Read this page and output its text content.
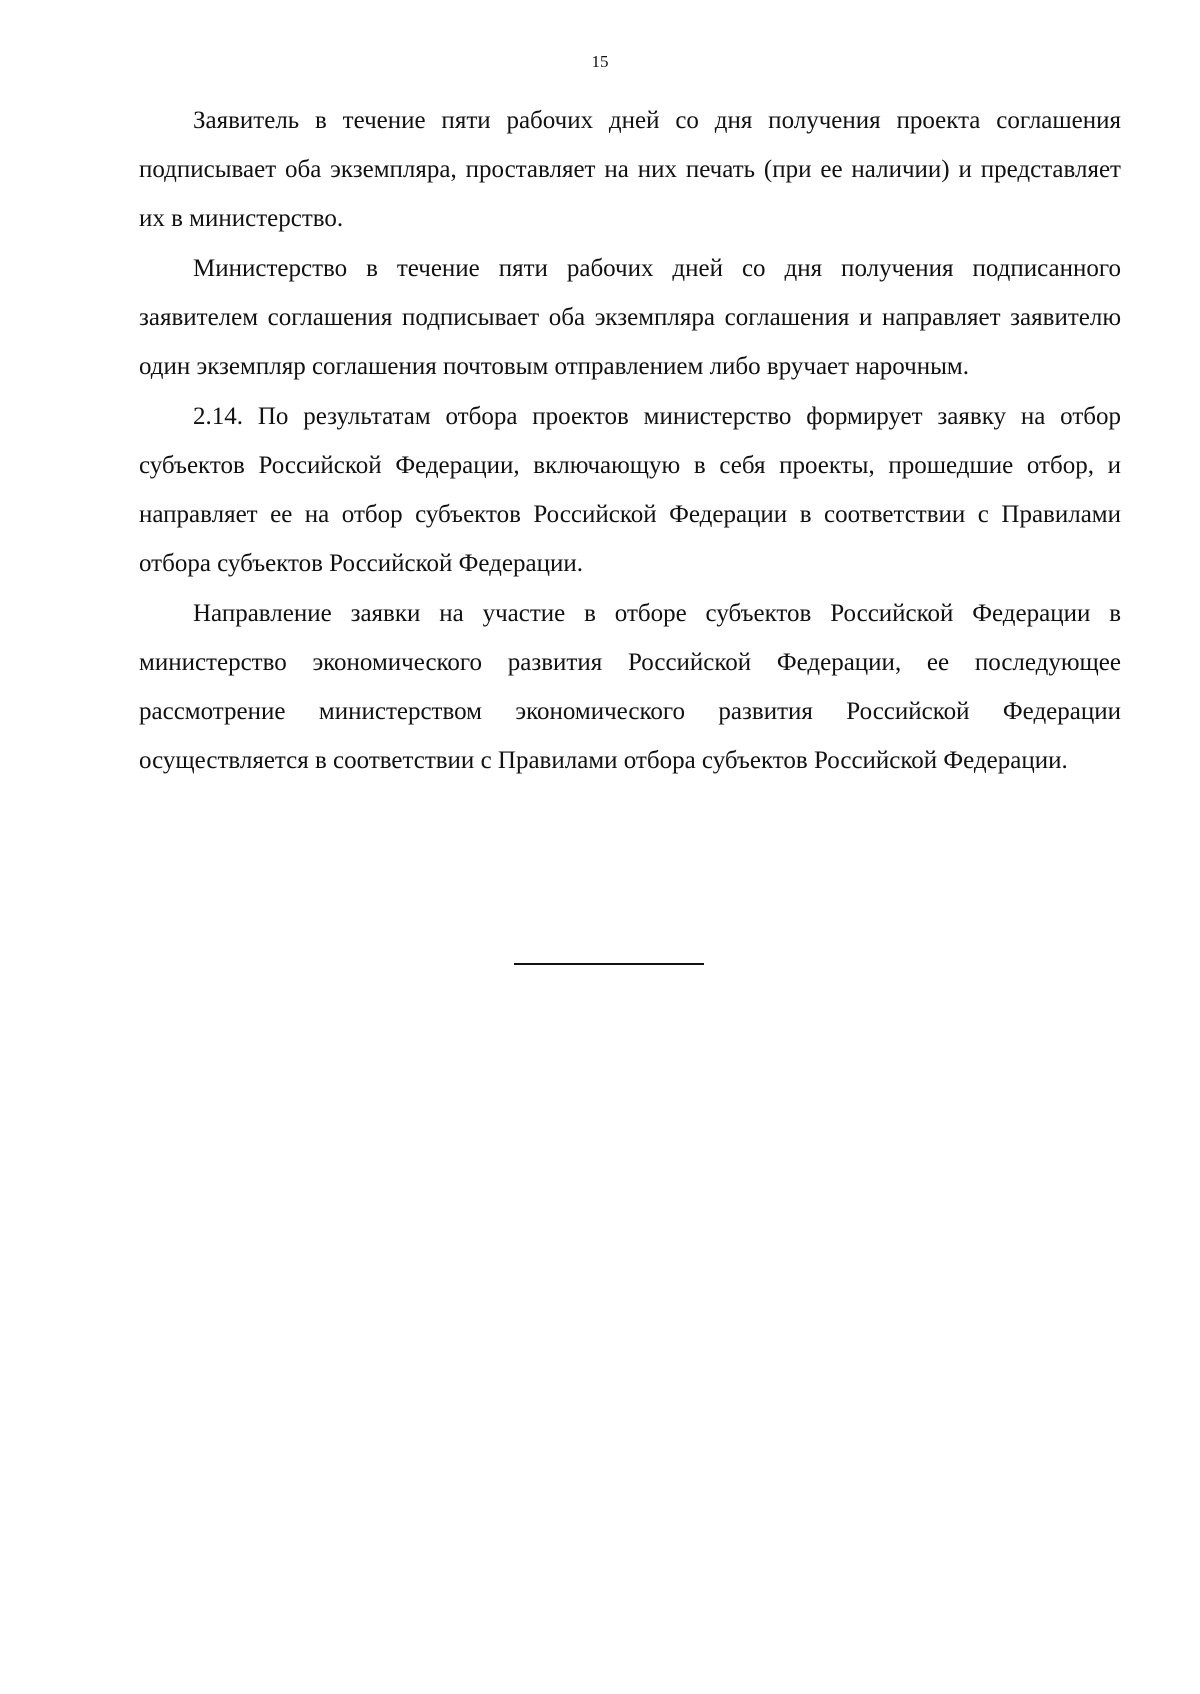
15

Заявитель в течение пяти рабочих дней со дня получения проекта соглашения подписывает оба экземпляра, проставляет на них печать (при ее наличии) и представляет их в министерство.

Министерство в течение пяти рабочих дней со дня получения подписанного заявителем соглашения подписывает оба экземпляра соглашения и направляет заявителю один экземпляр соглашения почтовым отправлением либо вручает нарочным.

2.14. По результатам отбора проектов министерство формирует заявку на отбор субъектов Российской Федерации, включающую в себя проекты, прошедшие отбор, и направляет ее на отбор субъектов Российской Федерации в соответствии с Правилами отбора субъектов Российской Федерации.

Направление заявки на участие в отборе субъектов Российской Федерации в министерство экономического развития Российской Федерации, ее последующее рассмотрение министерством экономического развития Российской Федерации осуществляется в соответствии с Правилами отбора субъектов Российской Федерации.
